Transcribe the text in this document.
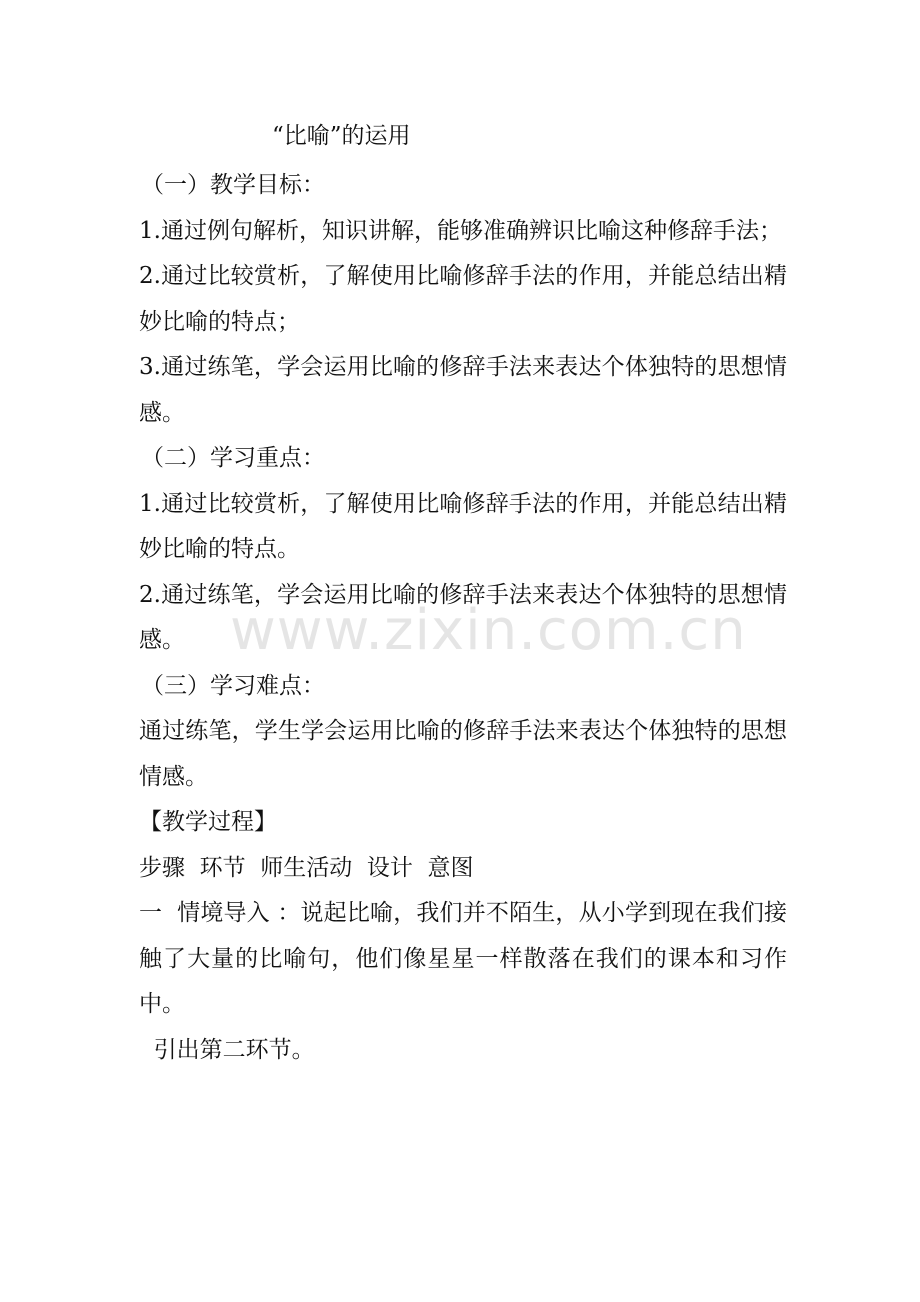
“比喻”的运用

（一）教学目标：

1.通过例句解析，知识讲解，能够准确辨识比喻这种修辞手法；

2.通过比较赏析，了解使用比喻修辞手法的作用，并能总结出精妙比喻的特点；

3.通过练笔，学会运用比喻的修辞手法来表达个体独特的思想情感。

（二）学习重点：

1.通过比较赏析，了解使用比喻修辞手法的作用，并能总结出精妙比喻的特点。

2.通过练笔，学会运用比喻的修辞手法来表达个体独特的思想情感。

（三）学习难点：

通过练笔，学生学会运用比喻的修辞手法来表达个体独特的思想情感。

【教学过程】

步骤  环节  师生活动  设计  意图

一  情境导入 ：说起比喻，我们并不陌生，从小学到现在我们接触了大量的比喻句，他们像星星一样散落在我们的课本和习作中。

引出第二环节。

www.zixin.com.cn
